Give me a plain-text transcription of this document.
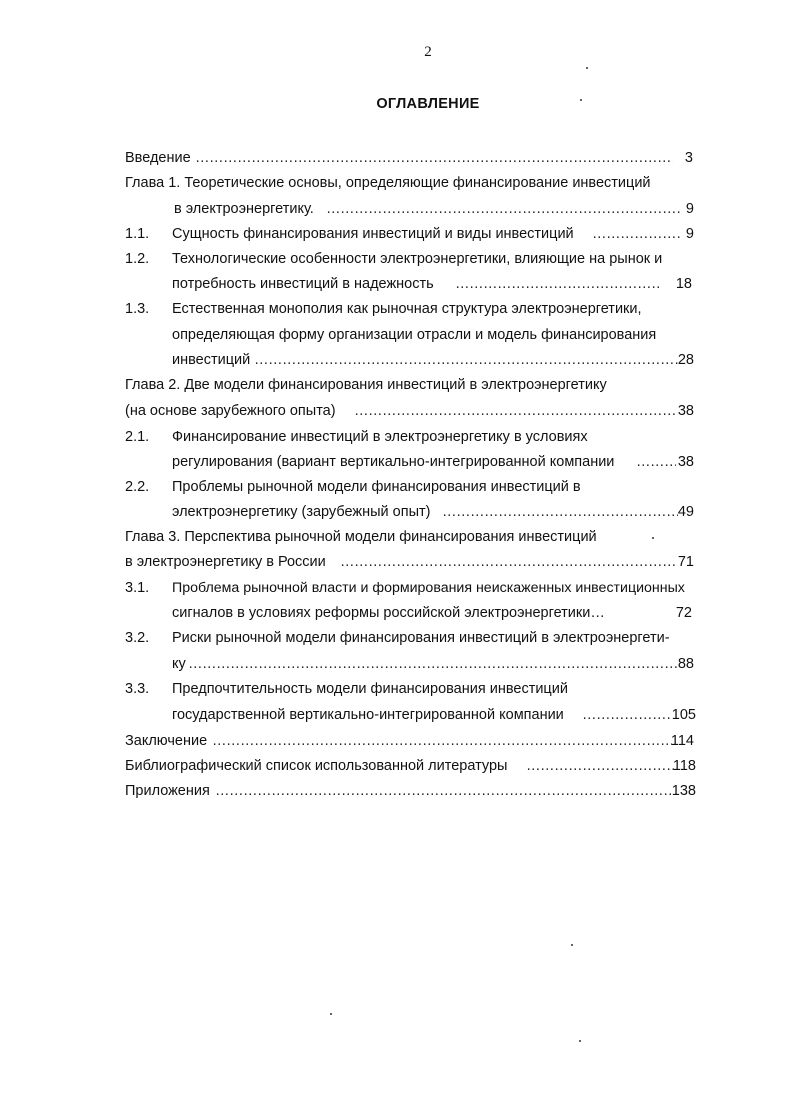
2
ОГЛАВЛЕНИЕ
Введение …………………………………………………………………………………………………………………………………………………………………………	3
Глава 1. Теоретические основы, определяющие финансирование инвестиций
в электроэнергетику. …………………………………………………………………………………………………………………………………………………………………………	9
1.1. Сущность финансирования инвестиций и виды инвестиций …………………………………………………………………………………………………………………………………………………………………………	9
1.2. Технологические особенности электроэнергетики, влияющие на рынок и
потребность инвестиций в надежность …………………………………………………………………………………………………………………………………………………………………………	18
1.3. Естественная монополия как рыночная структура электроэнергетики,
определяющая форму организации отрасли и модель финансирования
инвестиций …………………………………………………………………………………………………………………………………………………………………………	28
Глава 2. Две модели финансирования инвестиций в электроэнергетику
(на основе зарубежного опыта) …………………………………………………………………………………………………………………………………………………………………………	38
2.1. Финансирование инвестиций в электроэнергетику в условиях
регулирования (вариант вертикально-интегрированной компании …………………………………………………………………………………………………………………………………………………………………………	38
2.2. Проблемы рыночной модели финансирования инвестиций в
электроэнергетику (зарубежный опыт) …………………………………………………………………………………………………………………………………………………………………………	49
Глава 3. Перспектива рыночной модели финансирования инвестиций
в электроэнергетику в России …………………………………………………………………………………………………………………………………………………………………………	71
3.1. Проблема рыночной власти и формирования неискаженных инвестиционных
сигналов в условиях реформы российской электроэнергетики…	72
3.2. Риски рыночной модели финансирования инвестиций в электроэнергети-
ку …………………………………………………………………………………………………………………………………………………………………………	88
3.3. Предпочтительность модели финансирования инвестиций
государственной вертикально-интегрированной компании …………………………………………………………………………………………………………………………………………………………………………	105
Заключение …………………………………………………………………………………………………………………………………………………………………………	114
Библиографический список использованной литературы …………………………………………………………………………………………………………………………………………………………………………	118
Приложения …………………………………………………………………………………………………………………………………………………………………………	138
